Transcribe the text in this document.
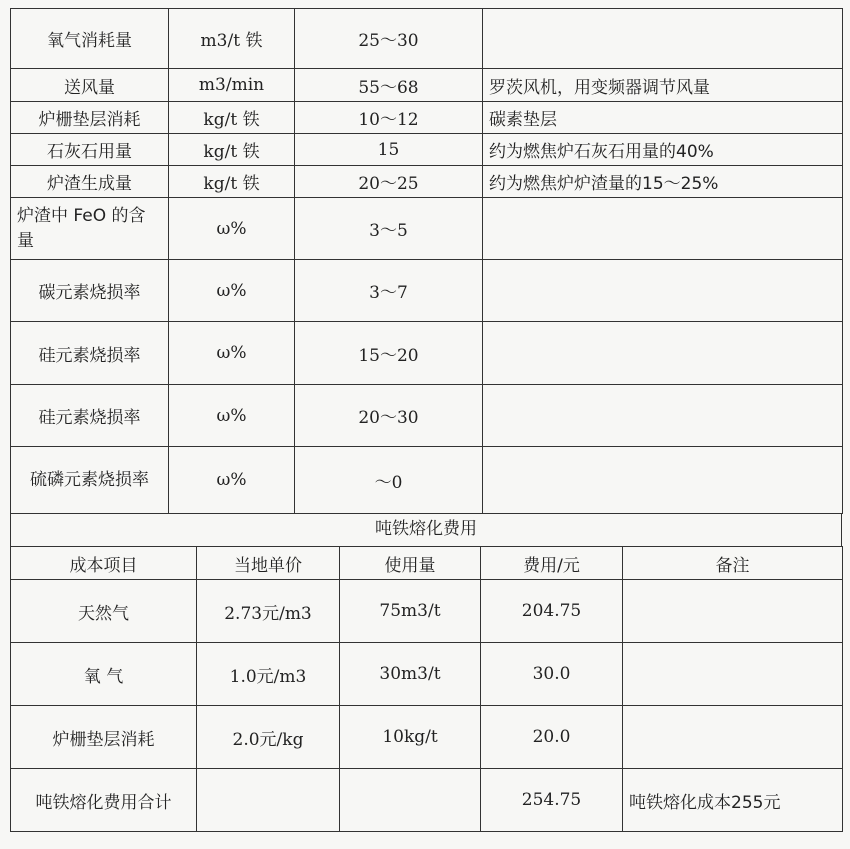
氧气消耗量	m3/t 铁	25～30	
送风量	m3/min	55～68	罗茨风机，用变频器调节风量
炉栅垫层消耗	kg/t 铁	10～12	碳素垫层
石灰石用量	kg/t 铁	15	约为燃焦炉石灰石用量的40%
炉渣生成量	kg/t 铁	20～25	约为燃焦炉炉渣量的15～25%
炉渣中 FeO 的含量	ω%	3～5	
碳元素烧损率	ω%	3～7	
硅元素烧损率	ω%	15～20	
硅元素烧损率	ω%	20～30	
硫磷元素烧损率	ω%	～0	
吨铁熔化费用
成本项目	当地单价	使用量	费用/元	备注
天然气	2.73元/m3	75m3/t	204.75	
氧 气	1.0元/m3	30m3/t	30.0	
炉栅垫层消耗	2.0元/kg	10kg/t	20.0	
吨铁熔化费用合计			254.75	吨铁熔化成本255元
